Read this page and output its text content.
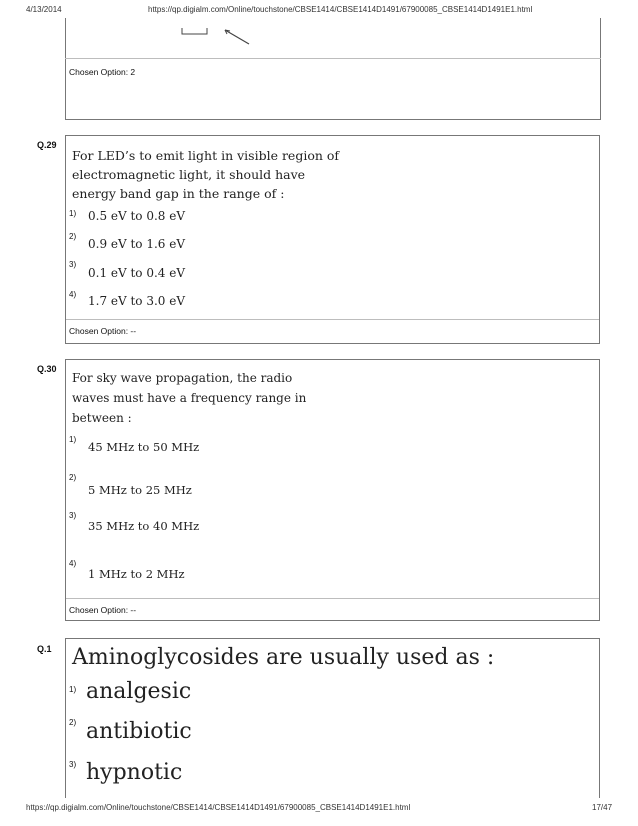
4/13/2014	https://qp.digialm.com/Online/touchstone/CBSE1414/CBSE1414D1491/67900085_CBSE1414D1491E1.html
Chosen Option: 2
Q.29
For LED’s to emit light in visible region of
electromagnetic light, it should have
energy band gap in the range of :
1) 0.5 eV to 0.8 eV
2)
0.9 eV to 1.6 eV
3)
0.1 eV to 0.4 eV
4) 1.7 eV to 3.0 eV
Chosen Option: --
Q.30
For sky wave propagation, the radio
waves must have a frequency range in
between :
1)
45 MHz to 50 MHz
2)
5 MHz to 25 MHz
3)
35 MHz to 40 MHz
4)
1 MHz to 2 MHz
Chosen Option: --
Q.1 Aminoglycosides are usually used as :
1) analgesic
2) antibiotic
3) hypnotic
https://qp.digialm.com/Online/touchstone/CBSE1414/CBSE1414D1491/67900085_CBSE1414D1491E1.html	17/47
